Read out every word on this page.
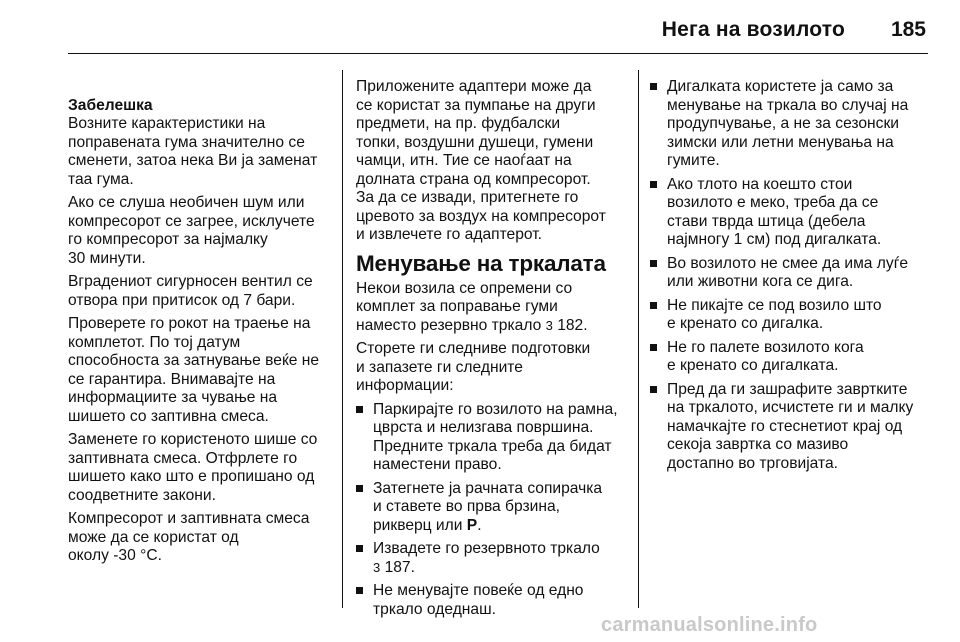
Нега на возилото	185

Забелешка
Возните карактеристики на
поправената гума значително се
сменети, затоа нека Ви ја заменат
таа гума.

Ако се слуша необичен шум или
компресорот се загрее, исклучете
го компресорот за најмалку
30 минути.

Вградениот сигурносен вентил се
отвора при притисок од 7 бари.

Проверете го рокот на траење на
комплетот. По тој датум
способноста за затнување веќе не
се гарантира. Внимавајте на
информациите за чување на
шишето со заптивна смеса.

Заменете го користеното шише со
заптивната смеса. Отфрлете го
шишето како што е пропишано од
соодветните закони.

Компресорот и заптивната смеса
може да се користат од
околу -30 °C.

Приложените адаптери може да
се користат за пумпање на други
предмети, на пр. фудбалски
топки, воздушни душеци, гумени
чамци, итн. Тие се наоѓаат на
долната страна од компресорот.
За да се извади, притегнете го
цревото за воздух на компресорот
и извлечете го адаптерот.

Менување на тркалата

Некои возила се опремени со
комплет за поправање гуми
наместо резервно тркало 3 182.

Сторете ги следниве подготовки
и запазете ги следните
информации:

Паркирајте го возилото на рамна,
цврста и нелизгава површина.
Предните тркала треба да бидат
наместени право.
Затегнете ја рачната сопирачка
и ставете во прва брзина,
рикверц или P.
Извадете го резервното тркало
3 187.
Не менувајте повеќе од едно
тркало одеднаш.
Дигалката користете ја само за
менување на тркала во случај на
продупчување, а не за сезонски
зимски или летни менувања на
гумите.
Ако тлото на коешто стои
возилото е меко, треба да се
стави тврда штица (дебела
најмногу 1 см) под дигалката.
Во возилото не смее да има луѓе
или животни кога се дига.
Не пикајте се под возило што
е кренато со дигалка.
Не го палете возилото кога
е кренато со дигалката.
Пред да ги зашрафите завртките
на тркалото, исчистете ги и малку
намачкајте го стеснетиот крај од
секоја завртка со мазиво
достапно во трговијата.
carmanualsonline.info
